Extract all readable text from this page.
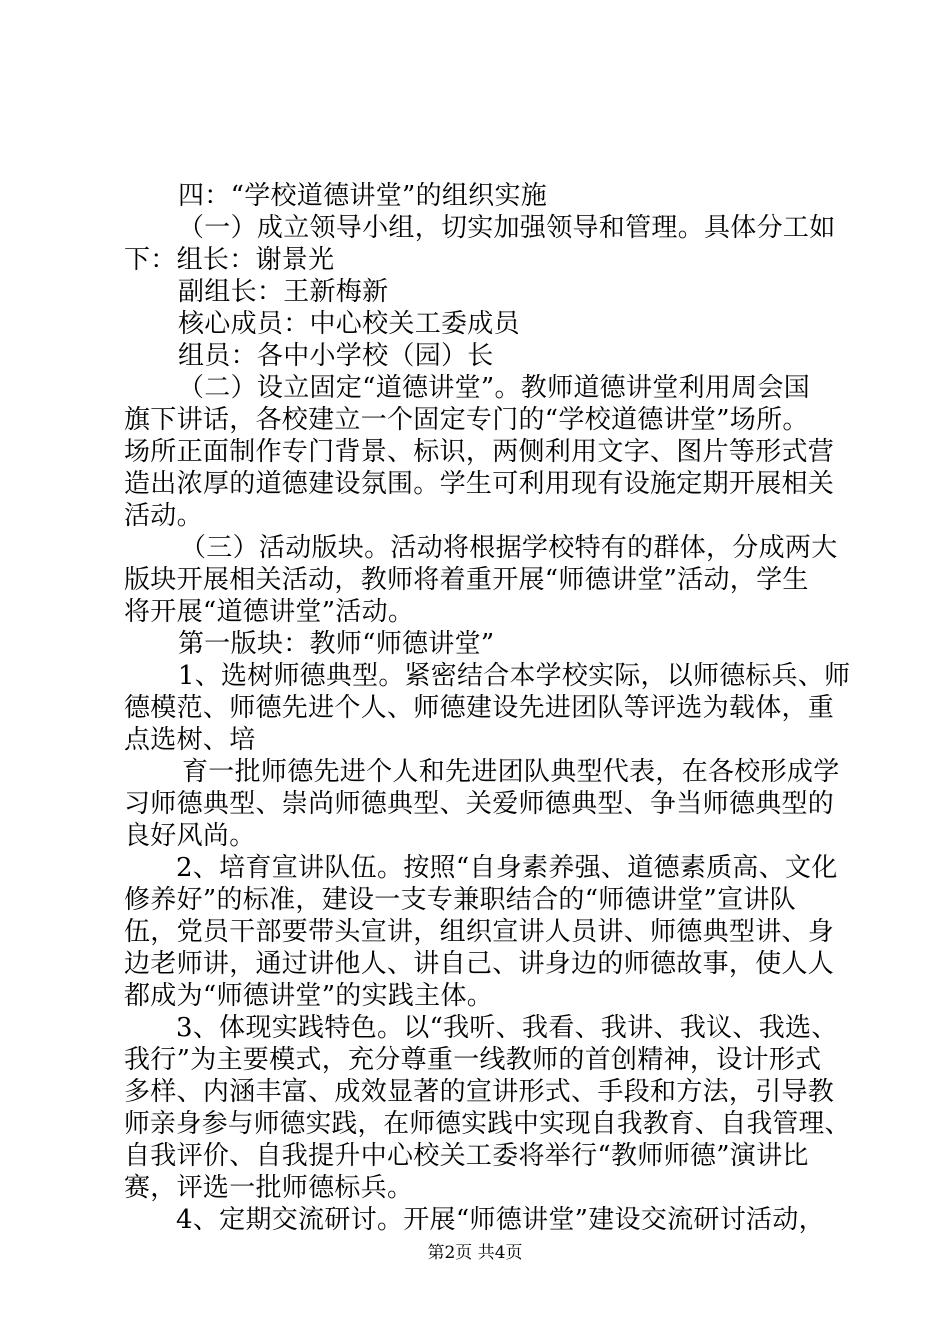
四：“学校道德讲堂”的组织实施
（一）成立领导小组，切实加强领导和管理。具体分工如
下：组长：谢景光
副组长：王新梅新
核心成员：中心校关工委成员
组员：各中小学校（园）长
（二）设立固定“道德讲堂”。教师道德讲堂利用周会国
旗下讲话，各校建立一个固定专门的“学校道德讲堂”场所。
场所正面制作专门背景、标识，两侧利用文字、图片等形式营
造出浓厚的道德建设氛围。学生可利用现有设施定期开展相关
活动。
（三）活动版块。活动将根据学校特有的群体，分成两大
版块开展相关活动，教师将着重开展“师德讲堂”活动，学生
将开展“道德讲堂”活动。
第一版块：教师“师德讲堂”
1、选树师德典型。紧密结合本学校实际，以师德标兵、师
德模范、师德先进个人、师德建设先进团队等评选为载体，重
点选树、培
育一批师德先进个人和先进团队典型代表，在各校形成学
习师德典型、崇尚师德典型、关爱师德典型、争当师德典型的
良好风尚。
2、培育宣讲队伍。按照“自身素养强、道德素质高、文化
修养好”的标准，建设一支专兼职结合的“师德讲堂”宣讲队
伍，党员干部要带头宣讲，组织宣讲人员讲、师德典型讲、身
边老师讲，通过讲他人、讲自己、讲身边的师德故事，使人人
都成为“师德讲堂”的实践主体。
3、体现实践特色。以“我听、我看、我讲、我议、我选、
我行”为主要模式，充分尊重一线教师的首创精神，设计形式
多样、内涵丰富、成效显著的宣讲形式、手段和方法，引导教
师亲身参与师德实践，在师德实践中实现自我教育、自我管理、
自我评价、自我提升中心校关工委将举行“教师师德”演讲比
赛，评选一批师德标兵。
4、定期交流研讨。开展“师德讲堂”建设交流研讨活动，
第2页 共4页
